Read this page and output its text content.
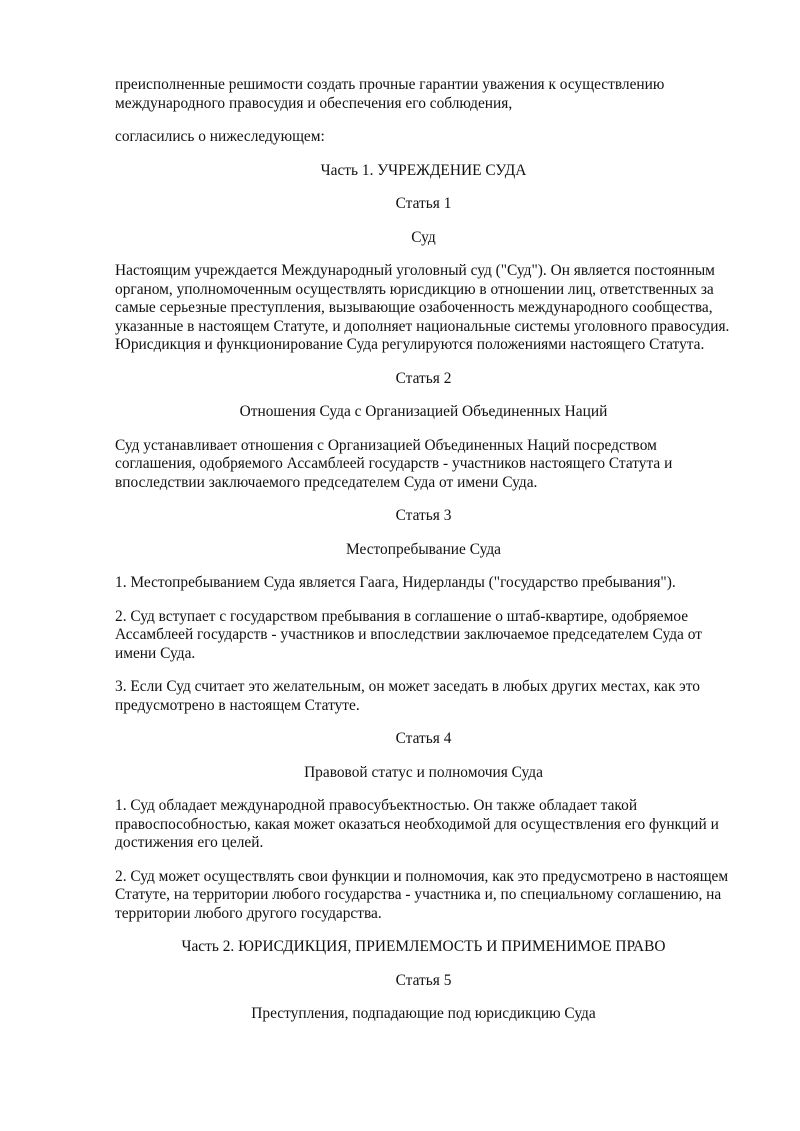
преисполненные решимости создать прочные гарантии уважения к осуществлению международного правосудия и обеспечения его соблюдения,

согласились о нижеследующем:

Часть 1. УЧРЕЖДЕНИЕ СУДА

Статья 1

Суд

Настоящим учреждается Международный уголовный суд ("Суд"). Он является постоянным органом, уполномоченным осуществлять юрисдикцию в отношении лиц, ответственных за самые серьезные преступления, вызывающие озабоченность международного сообщества, указанные в настоящем Статуте, и дополняет национальные системы уголовного правосудия. Юрисдикция и функционирование Суда регулируются положениями настоящего Статута.

Статья 2

Отношения Суда с Организацией Объединенных Наций

Суд устанавливает отношения с Организацией Объединенных Наций посредством соглашения, одобряемого Ассамблеей государств - участников настоящего Статута и впоследствии заключаемого председателем Суда от имени Суда.

Статья 3

Местопребывание Суда

1. Местопребыванием Суда является Гаага, Нидерланды ("государство пребывания").

2. Суд вступает с государством пребывания в соглашение о штаб-квартире, одобряемое Ассамблеей государств - участников и впоследствии заключаемое председателем Суда от имени Суда.

3. Если Суд считает это желательным, он может заседать в любых других местах, как это предусмотрено в настоящем Статуте.

Статья 4

Правовой статус и полномочия Суда

1. Суд обладает международной правосубъектностью. Он также обладает такой правоспособностью, какая может оказаться необходимой для осуществления его функций и достижения его целей.

2. Суд может осуществлять свои функции и полномочия, как это предусмотрено в настоящем Статуте, на территории любого государства - участника и, по специальному соглашению, на территории любого другого государства.

Часть 2. ЮРИСДИКЦИЯ, ПРИЕМЛЕМОСТЬ И ПРИМЕНИМОЕ ПРАВО

Статья 5

Преступления, подпадающие под юрисдикцию Суда
